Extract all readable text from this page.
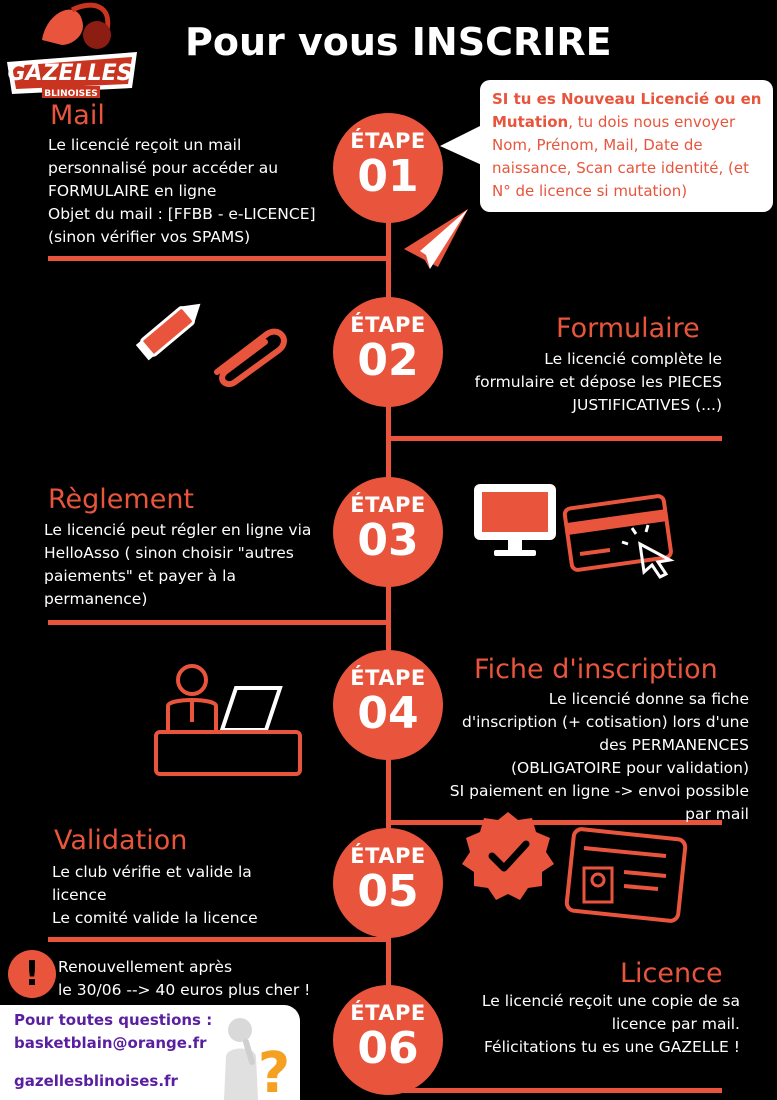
GAZELLES
BLINOISES
Pour vous INSCRIRE
ÉTAPE
01
ÉTAPE
02
ÉTAPE
03
ÉTAPE
04
ÉTAPE
05
ÉTAPE
06
Mail
Le licencié reçoit un mail
personnalisé pour accéder au
FORMULAIRE en ligne
Objet du mail : [FFBB - e-LICENCE]
(sinon vérifier vos SPAMS)
SI tu es Nouveau Licencié ou en Mutation, tu dois nous envoyer Nom, Prénom, Mail, Date de naissance, Scan carte identité, (et N° de licence si mutation)
Formulaire
Le licencié complète le
formulaire et dépose les PIECES
JUSTIFICATIVES (...)
Règlement
Le licencié peut régler en ligne via
HelloAsso ( sinon choisir "autres
paiements" et payer à la
permanence)
Fiche d'inscription
Le licencié donne sa fiche
d'inscription (+ cotisation) lors d'une
des PERMANENCES
(OBLIGATOIRE pour validation)
SI paiement en ligne -> envoi possible
par mail
Validation
Le club vérifie et valide la
licence
Le comité valide la licence
!	Renouvellement après
le 30/06 --> 40 euros plus cher !
Licence
Le licencié reçoit une copie de sa
licence par mail.
Félicitations tu es une GAZELLE !
Pour toutes questions :
basketblain@orange.fr
gazellesblinoises.fr ?
